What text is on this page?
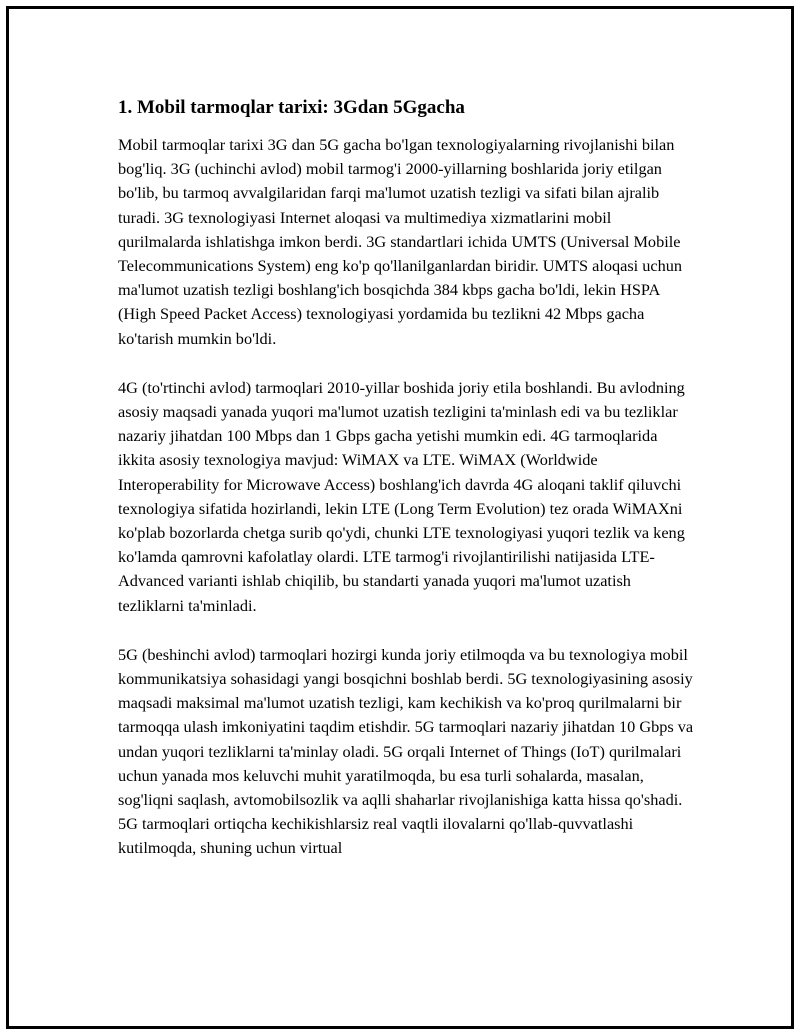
1. Mobil tarmoqlar tarixi: 3Gdan 5Ggacha

Mobil tarmoqlar tarixi 3G dan 5G gacha bo'lgan texnologiyalarning rivojlanishi bilan bog'liq. 3G (uchinchi avlod) mobil tarmog'i 2000-yillarning boshlarida joriy etilgan bo'lib, bu tarmoq avvalgilaridan farqi ma'lumot uzatish tezligi va sifati bilan ajralib turadi. 3G texnologiyasi Internet aloqasi va multimediya xizmatlarini mobil qurilmalarda ishlatishga imkon berdi. 3G standartlari ichida UMTS (Universal Mobile Telecommunications System) eng ko'p qo'llanilganlardan biridir. UMTS aloqasi uchun ma'lumot uzatish tezligi boshlang'ich bosqichda 384 kbps gacha bo'ldi, lekin HSPA (High Speed Packet Access) texnologiyasi yordamida bu tezlikni 42 Mbps gacha ko'tarish mumkin bo'ldi.

4G (to'rtinchi avlod) tarmoqlari 2010-yillar boshida joriy etila boshlandi. Bu avlodning asosiy maqsadi yanada yuqori ma'lumot uzatish tezligini ta'minlash edi va bu tezliklar nazariy jihatdan 100 Mbps dan 1 Gbps gacha yetishi mumkin edi. 4G tarmoqlarida ikkita asosiy texnologiya mavjud: WiMAX va LTE. WiMAX (Worldwide Interoperability for Microwave Access) boshlang'ich davrda 4G aloqani taklif qiluvchi texnologiya sifatida hozirlandi, lekin LTE (Long Term Evolution) tez orada WiMAXni ko'plab bozorlarda chetga surib qo'ydi, chunki LTE texnologiyasi yuqori tezlik va keng ko'lamda qamrovni kafolatlay olardi. LTE tarmog'i rivojlantirilishi natijasida LTE-Advanced varianti ishlab chiqilib, bu standarti yanada yuqori ma'lumot uzatish tezliklarni ta'minladi.

5G (beshinchi avlod) tarmoqlari hozirgi kunda joriy etilmoqda va bu texnologiya mobil kommunikatsiya sohasidagi yangi bosqichni boshlab berdi. 5G texnologiyasining asosiy maqsadi maksimal ma'lumot uzatish tezligi, kam kechikish va ko'proq qurilmalarni bir tarmoqqa ulash imkoniyatini taqdim etishdir. 5G tarmoqlari nazariy jihatdan 10 Gbps va undan yuqori tezliklarni ta'minlay oladi. 5G orqali Internet of Things (IoT) qurilmalari uchun yanada mos keluvchi muhit yaratilmoqda, bu esa turli sohalarda, masalan, sog'liqni saqlash, avtomobilsozlik va aqlli shaharlar rivojlanishiga katta hissa qo'shadi. 5G tarmoqlari ortiqcha kechikishlarsiz real vaqtli ilovalarni qo'llab-quvvatlashi kutilmoqda, shuning uchun virtual
